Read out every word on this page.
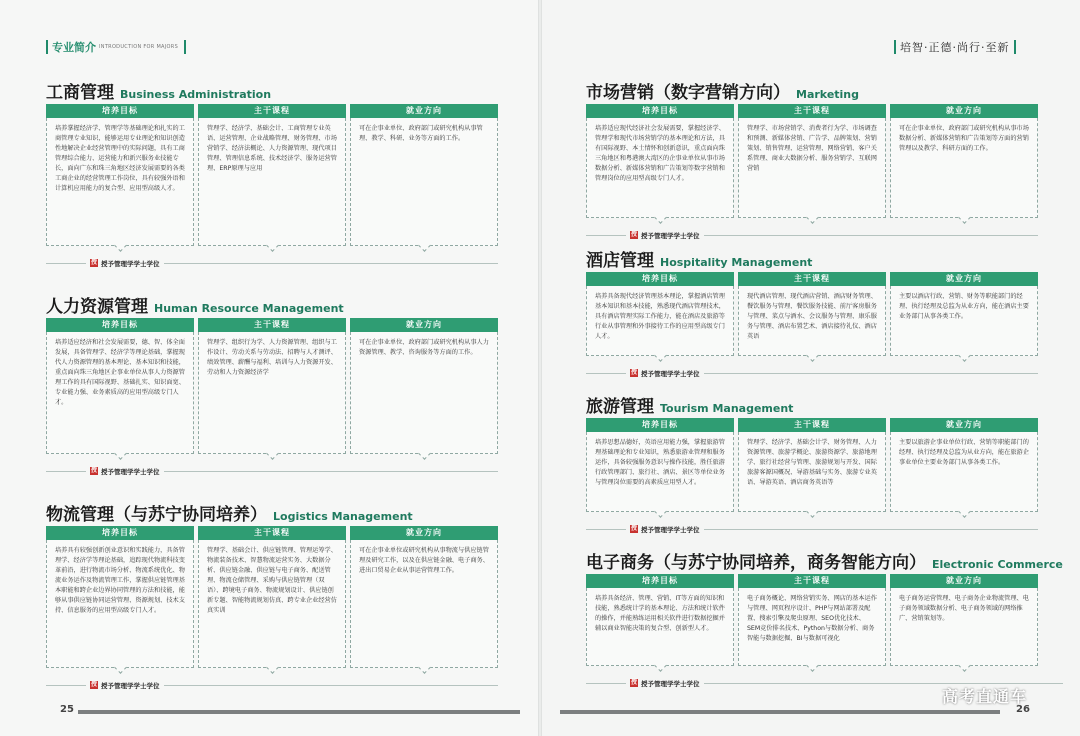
专业简介 INTRODUCTION FOR MAJORS	培智·正德·尚行·至新
工商管理 Business Administration
培养目标
培养掌握经济学、管理学等基础理论和扎实的工商管理专业知识，能够运用专业理论和知识创造性地解决企业经营管理中的实际问题，具有工商管理综合能力、运营能力和新兴服务业技能专长，面向广东和珠三角地区经济发展需要的各类工商企业的经营管理工作岗位，具有较强外语和计算机应用能力的复合型、应用型高级人才。
主干课程
管理学、经济学、基础会计、工商管理专业英语、运营管理、企业战略管理、财务管理、市场营销学、经济法概论、人力资源管理、现代项目管理、管理信息系统、技术经济学、服务运营管理、ERP原理与应用
就业方向
可在企事业单位、政府部门或研究机构从事管理、教学、科研、业务等方面的工作。
授 授予管理学学士学位
人力资源管理 Human Resource Management
培养目标
培养适应经济和社会发展需要，德、智、体全面发展，具备管理学、经济学等理论基础，掌握现代人力资源管理的基本理论、基本知识和技能，重点面向珠三角地区企事业单位从事人力资源管理工作的具有国际视野、基础扎实、知识面宽、专业能力强、业务素质高的应用型高级专门人才。
主干课程
管理学、组织行为学、人力资源管理、组织与工作设计、劳动关系与劳动法、招聘与人才测评、绩效管理、薪酬与福利、培训与人力资源开发、劳动和人力资源经济学
就业方向
可在企事业单位、政府部门或研究机构从事人力资源管理、教学、咨询服务等方面的工作。
授 授予管理学学士学位
物流管理（与苏宁协同培养） Logistics Management
培养目标
培养具有较强创新创业意识和实践能力，具备管理学、经济学等理论基础，追踪现代物流科技变革前沿，进行物流市场分析、物流系统优化、物流业务运作及物流管理工作，掌握供应链管理基本职能和跨企业边界协同管理的方法和技能，能够从事供应链协同运营管理、资源规划、技术支持、信息服务的应用型高级专门人才。
主干课程
管理学、基础会计、供应链管理、管理运筹学、物流装备技术、智慧物流运营实务、大数据分析、供应链金融、供应链与电子商务、配送管理、物流仓储管理、采购与供应链管理（双语）、跨境电子商务、物流规划设计、供应链创新专题、智能物流规划仿真、跨专业企业经营仿真实训
就业方向
可在企事业单位或研究机构从事物流与供应链管理及研究工作，以及在供应链金融、电子商务、进出口贸易企业从事运营管理工作。
授 授予管理学学士学位
市场营销（数字营销方向） Marketing
培养目标
培养适应现代经济社会发展需要，掌握经济学、管理学和现代市场营销学的基本理论和方法，具有国际视野、本土情怀和创新意识，重点面向珠三角地区和粤港澳大湾区的企事业单位从事市场数据分析、新媒体营销和广告策划等数字营销和管理岗位的应用型高级专门人才。
主干课程
管理学、市场营销学、消费者行为学、市场调查和预测、新媒体营销、广告学、品牌策划、营销策划、销售管理、运营管理、网络营销、客户关系管理、商业大数据分析、服务营销学、互联网营销
就业方向
可在企事业单位、政府部门或研究机构从事市场数据分析、新媒体营销和广告策划等方面的营销管理以及教学、科研方面的工作。
授 授予管理学学士学位
酒店管理 Hospitality Management
培养目标
培养具备现代经济管理基本理论，掌握酒店管理基本知识和基本技能，熟悉现代酒店管理技术，具有酒店管理实际工作能力，能在酒店及旅游等行业从事管理和外事接待工作的应用型高级专门人才。
主干课程
现代酒店管理、现代酒店营销、酒店财务管理、餐饮服务与管理、餐饮服务技能、前厅客房服务与管理、菜点与酒水、会议服务与管理、康乐服务与管理、酒店布置艺术、酒店接待礼仪、酒店英语
就业方向
主要以酒店行政、营销、财务等职能部门的经理、执行经理及总监为从业方向，能在酒店主要业务部门从事各类工作。
授 授予管理学学士学位
旅游管理 Tourism Management
培养目标
培养思想品德好，英语应用能力强，掌握旅游管理基础理论和专业知识，熟悉旅游业管理和服务运作，具备较强服务意识与操作技能，胜任旅游行政管理部门、旅行社、酒店、景区等单位业务与管理岗位需要的高素质应用型人才。
主干课程
管理学、经济学、基础会计学、财务管理、人力资源管理、旅游学概论、旅游资源学、旅游地理学、旅行社经营与管理、旅游规划与开发、国际旅游客源国概况、导游基础与实务、旅游专业英语、导游英语、酒店商务英语等
就业方向
主要以旅游企事业单位行政、营销等职能部门的经理、执行经理及总监为从业方向，能在旅游企事业单位主要业务部门从事各类工作。
授 授予管理学学士学位
电子商务（与苏宁协同培养，商务智能方向） Electronic Commerce
培养目标
培养具备经济、管理、营销、IT等方面的知识和技能，熟悉统计学的基本理论、方法和统计软件的操作，并能熟练运用相关软件进行数据挖掘并辅以商业智能决策的复合型、创新型人才。
主干课程
电子商务概论、网络营销实务、网店的基本运作与管理、网页程序设计、PHP与网站部署及配置、搜索引擎及爬虫原理、SEO优化技术、SEM竞价排名技术、Python与数据分析、商务智能与数据挖掘、BI与数据可视化
就业方向
电子商务运营管理、电子商务企业物流管理、电子商务领域数据分析、电子商务领域的网络推广、营销策划等。
授 授予管理学学士学位
25	26
高考直通车
